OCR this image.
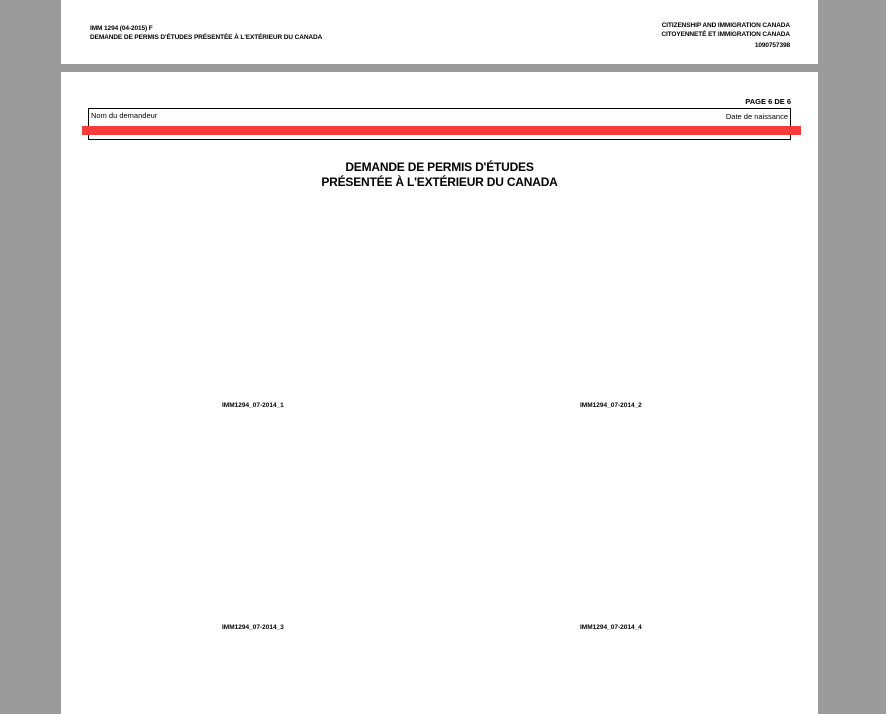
IMM 1294 (04-2015) F
DEMANDE DE PERMIS D'ÉTUDES PRÉSENTÉE À L'EXTÉRIEUR DU CANADA
CITIZENSHIP AND IMMIGRATION CANADA
CITOYENNETÉ ET IMMIGRATION CANADA
1090757398
PAGE 6 DE 6
Nom du demandeur	Date de naissance
DEMANDE DE PERMIS D'ÉTUDES
PRÉSENTÉE À L'EXTÉRIEUR DU CANADA
IMM1294_07-2014_1	IMM1294_07-2014_2
IMM1294_07-2014_3	IMM1294_07-2014_4
